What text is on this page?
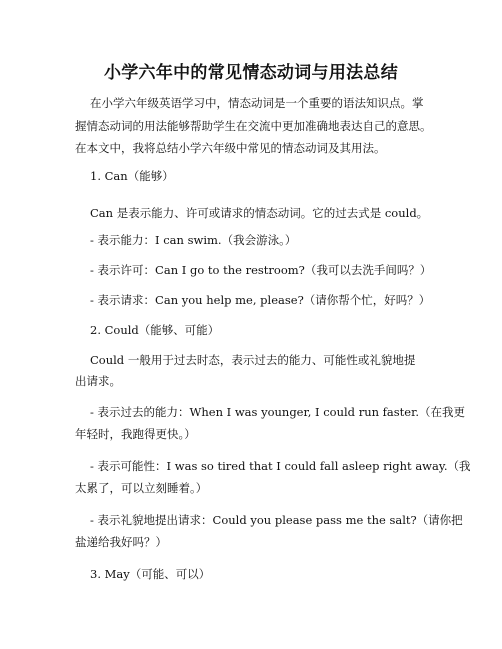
小学六年中的常见情态动词与用法总结
在小学六年级英语学习中，情态动词是一个重要的语法知识点。掌
握情态动词的用法能够帮助学生在交流中更加准确地表达自己的意思。
在本文中，我将总结小学六年级中常见的情态动词及其用法。
1. Can（能够）
Can 是表示能力、许可或请求的情态动词。它的过去式是 could。
- 表示能力：I can swim.（我会游泳。）
- 表示许可：Can I go to the restroom?（我可以去洗手间吗？）
- 表示请求：Can you help me, please?（请你帮个忙，好吗？）
2. Could（能够、可能）
Could 一般用于过去时态，表示过去的能力、可能性或礼貌地提
出请求。
- 表示过去的能力：When I was younger, I could run faster.（在我更
年轻时，我跑得更快。）
- 表示可能性：I was so tired that I could fall asleep right away.（我
太累了，可以立刻睡着。）
- 表示礼貌地提出请求：Could you please pass me the salt?（请你把
盐递给我好吗？）
3. May（可能、可以）
